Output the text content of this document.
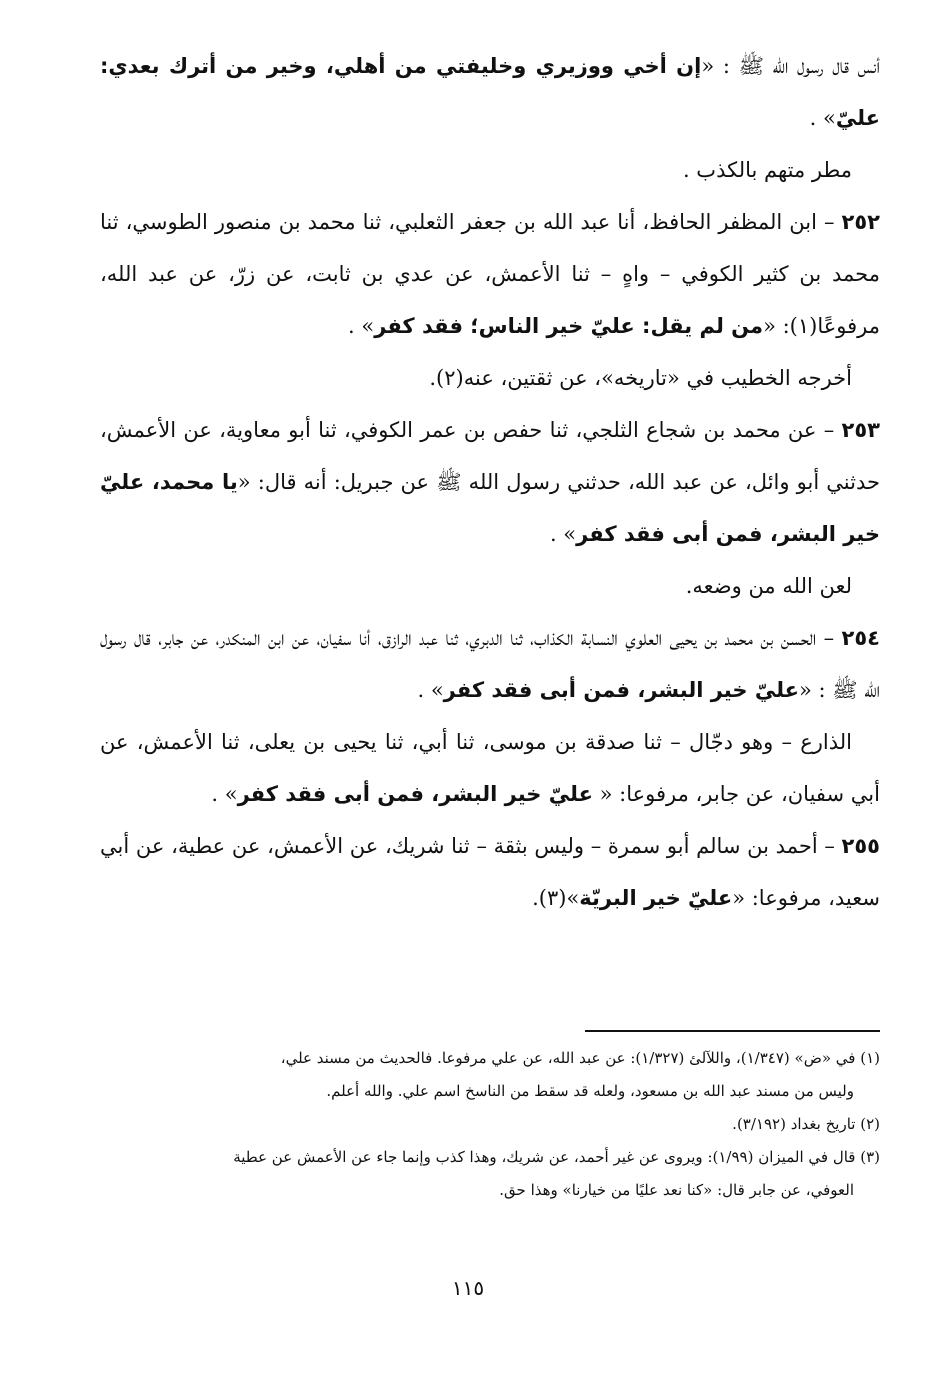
أنس قال رسول الله ﷺ : «إن أخي ووزيري وخليفتي من أهلي، وخير من أترك بعدي: عليّ» .

مطر متهم بالكذب .

٢٥٢ – ابن المظفر الحافظ، أنا عبد الله بن جعفر الثعلبي، ثنا محمد بن منصور الطوسي، ثنا محمد بن كثير الكوفي – واهٍ – ثنا الأعمش، عن عدي بن ثابت، عن زرّ، عن عبد الله، مرفوعًا(١): «من لم يقل: عليّ خير الناس؛ فقد كفر» .

أخرجه الخطيب في «تاريخه»، عن ثقتين، عنه(٢).

٢٥٣ – عن محمد بن شجاع الثلجي، ثنا حفص بن عمر الكوفي، ثنا أبو معاوية، عن الأعمش، حدثني أبو وائل، عن عبد الله، حدثني رسول الله ﷺ عن جبريل: أنه قال: «يا محمد، عليّ خير البشر، فمن أبى فقد كفر» .

لعن الله من وضعه.

٢٥٤ – الحسن بن محمد بن يحيى العلوي النسابة الكذاب، ثنا الدبري، ثنا عبد الرازق، أنا سفيان، عن ابن المنكدر، عن جابر، قال رسول الله ﷺ : «عليّ خير البشر، فمن أبى فقد كفر» .

الذارع – وهو دجّال – ثنا صدقة بن موسى، ثنا أبي، ثنا يحيى بن يعلى، ثنا الأعمش، عن أبي سفيان، عن جابر، مرفوعا: « عليّ خير البشر، فمن أبى فقد كفر» .

٢٥٥ – أحمد بن سالم أبو سمرة – وليس بثقة – ثنا شريك، عن الأعمش، عن عطية، عن أبي سعيد، مرفوعا: «عليّ خير البريّة»(٣).

(١) في «ض» (١/٣٤٧)، واللآلئ (١/٣٢٧): عن عبد الله، عن علي مرفوعا. فالحديث من مسند علي،

وليس من مسند عبد الله بن مسعود، ولعله قد سقط من الناسخ اسم علي. والله أعلم.

(٢) تاريخ بغداد (٣/١٩٢).

(٣) قال في الميزان (١/٩٩): ويروى عن غير أحمد، عن شريك، وهذا كذب وإنما جاء عن الأعمش عن عطية

العوفي، عن جابر قال: «كنا نعد عليًا من خيارنا» وهذا حق.

١١٥
